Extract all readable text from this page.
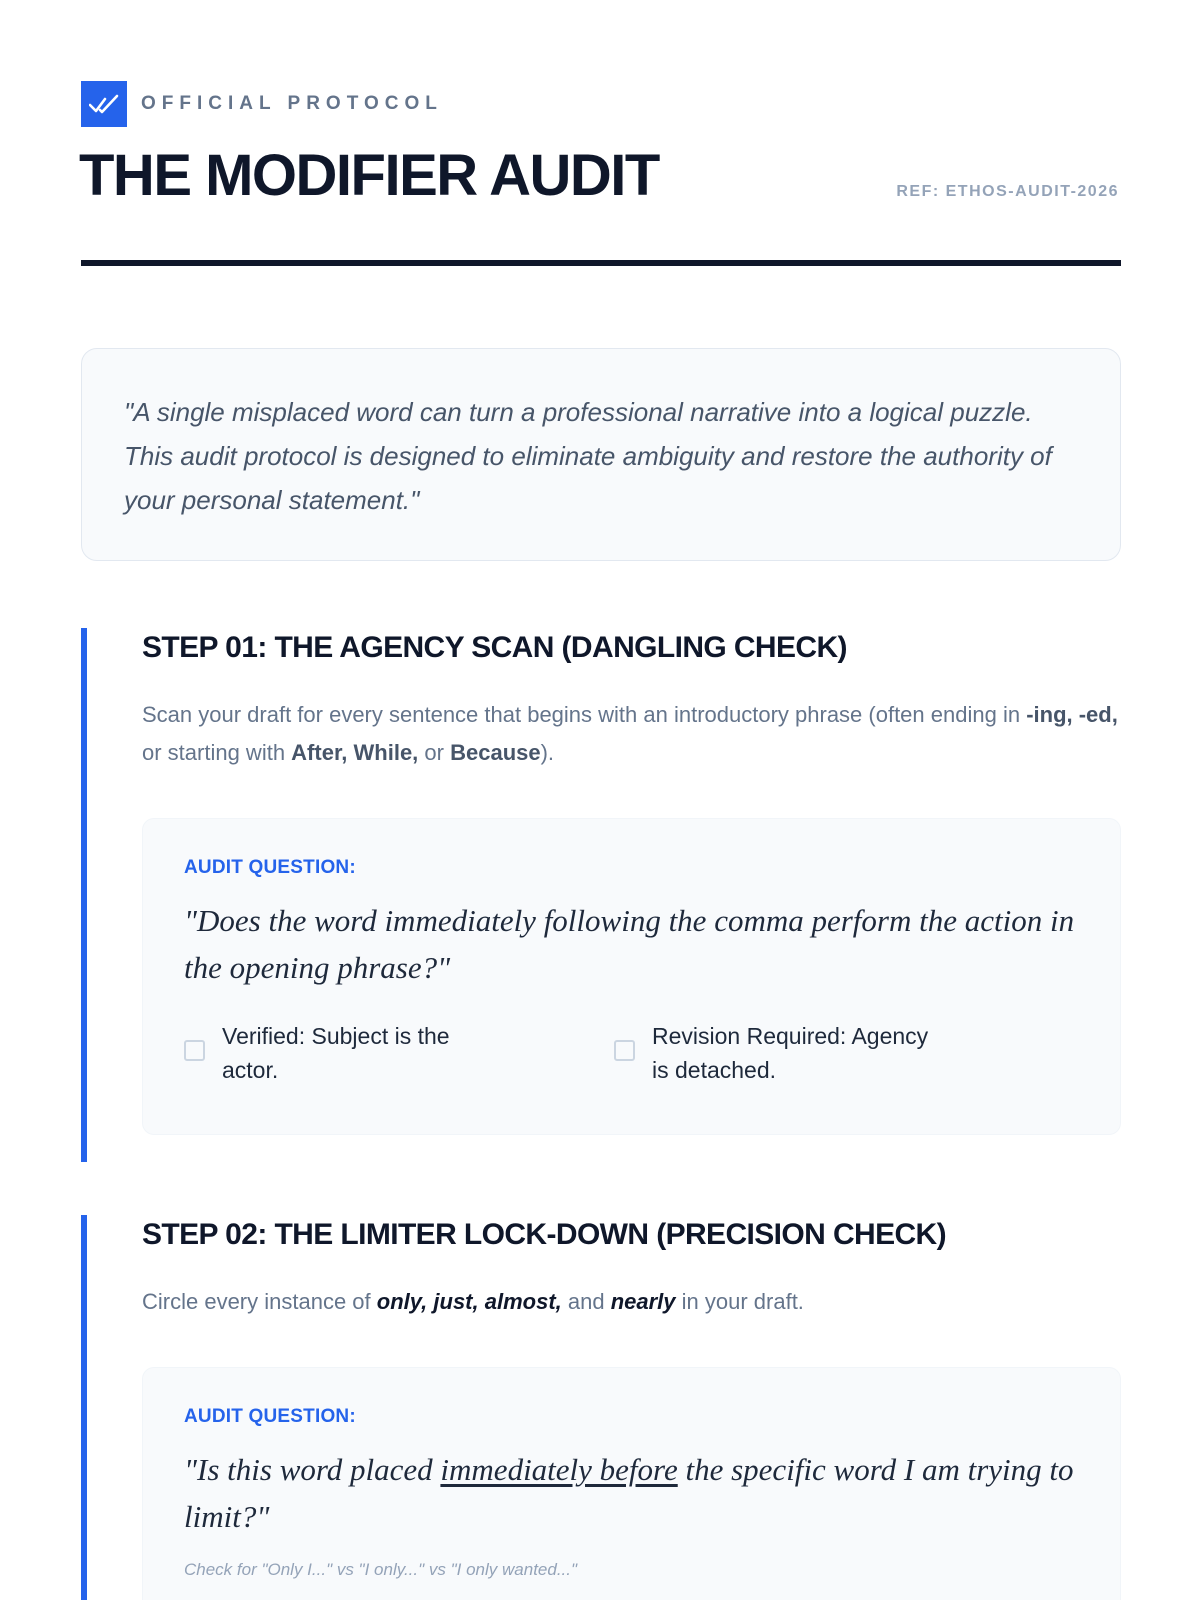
OFFICIAL PROTOCOL
THE MODIFIER AUDIT	REF: ETHOS-AUDIT-2026

"A single misplaced word can turn a professional narrative into a logical puzzle. This audit protocol is designed to eliminate ambiguity and restore the authority of your personal statement."

STEP 01: THE AGENCY SCAN (DANGLING CHECK)

Scan your draft for every sentence that begins with an introductory phrase (often ending in -ing, -ed, or starting with After, While, or Because).

AUDIT QUESTION:

"Does the word immediately following the comma perform the action in the opening phrase?"

Verified: Subject is the actor.
Revision Required: Agency is detached.
STEP 02: THE LIMITER LOCK-DOWN (PRECISION CHECK)

Circle every instance of only, just, almost, and nearly in your draft.

AUDIT QUESTION:

"Is this word placed immediately before the specific word I am trying to limit?"

Check for "Only I..." vs "I only..." vs "I only wanted..."
